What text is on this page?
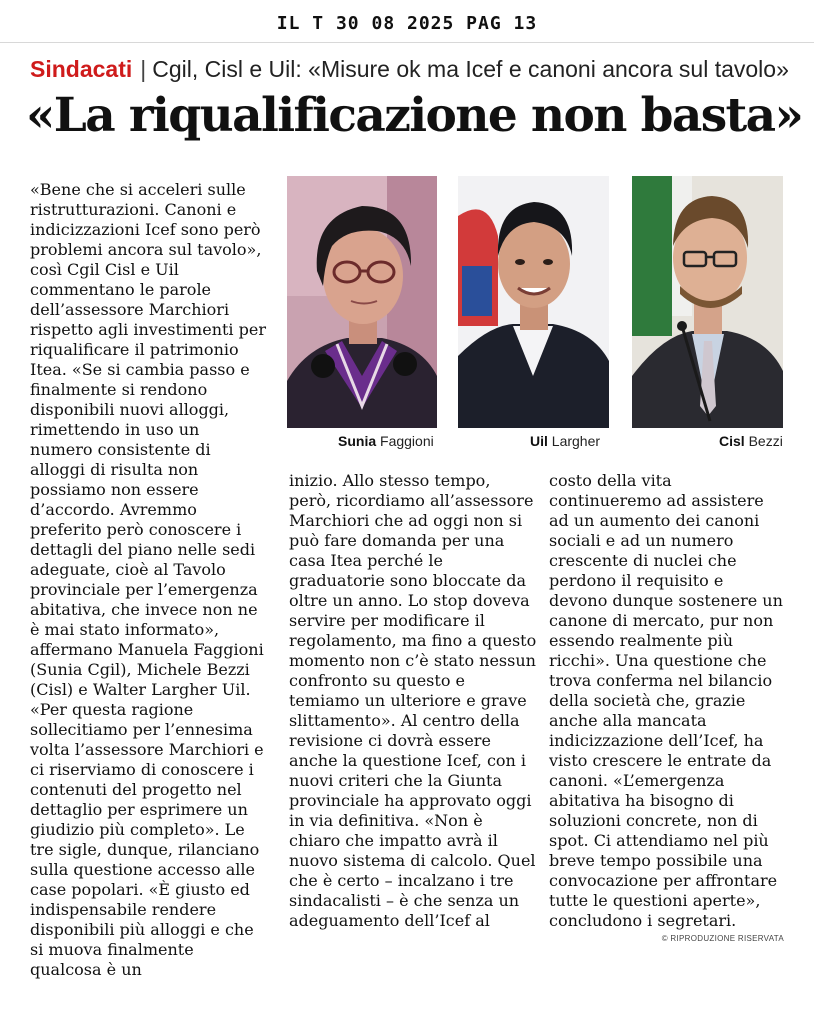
IL T 30 08 2025 PAG 13
Sindacati | Cgil, Cisl e Uil: «Misure ok ma Icef e canoni ancora sul tavolo»
«La riqualificazione non basta»

«Bene che si acceleri sulle ristrutturazioni. Canoni e indicizzazioni Icef sono però problemi ancora sul tavolo», così Cgil Cisl e Uil commentano le parole dell’assessore Marchiori rispetto agli investimenti per riqualificare il patrimonio Itea. «Se si cambia passo e finalmente si rendono disponibili nuovi alloggi, rimettendo in uso un numero consistente di alloggi di risulta non possiamo non essere d’accordo. Avremmo preferito però conoscere i dettagli del piano nelle sedi adeguate, cioè al Tavolo provinciale per l’emergenza abitativa, che invece non ne è mai stato informato», affermano Manuela Faggioni (Sunia Cgil), Michele Bezzi (Cisl) e Walter Largher Uil. «Per questa ragione sollecitiamo per l’ennesima volta l’assessore Marchiori e ci riserviamo di conoscere i contenuti del progetto nel dettaglio per esprimere un giudizio più completo». Le tre sigle, dunque, rilanciano sulla questione accesso alle case popolari. «È giusto ed indispensabile rendere disponibili più alloggi e che si muova finalmente qualcosa è un

Sunia Faggioni	Uil Largher	Cisl Bezzi

inizio. Allo stesso tempo, però, ricordiamo all’assessore Marchiori che ad oggi non si può fare domanda per una casa Itea perché le graduatorie sono bloccate da oltre un anno. Lo stop doveva servire per modificare il regolamento, ma fino a questo momento non c’è stato nessun confronto su questo e temiamo un ulteriore e grave slittamento». Al centro della revisione ci dovrà essere anche la questione Icef, con i nuovi criteri che la Giunta provinciale ha approvato oggi in via definitiva. «Non è chiaro che impatto avrà il nuovo sistema di calcolo. Quel che è certo – incalzano i tre sindacalisti – è che senza un adeguamento dell’Icef al

costo della vita continueremo ad assistere ad un aumento dei canoni sociali e ad un numero crescente di nuclei che perdono il requisito e devono dunque sostenere un canone di mercato, pur non essendo realmente più ricchi». Una questione che trova conferma nel bilancio della società che, grazie anche alla mancata indicizzazione dell’Icef, ha visto crescere le entrate da canoni. «L’emergenza abitativa ha bisogno di soluzioni concrete, non di spot. Ci attendiamo nel più breve tempo possibile una convocazione per affrontare tutte le questioni aperte», concludono i segretari.

© RIPRODUZIONE RISERVATA
